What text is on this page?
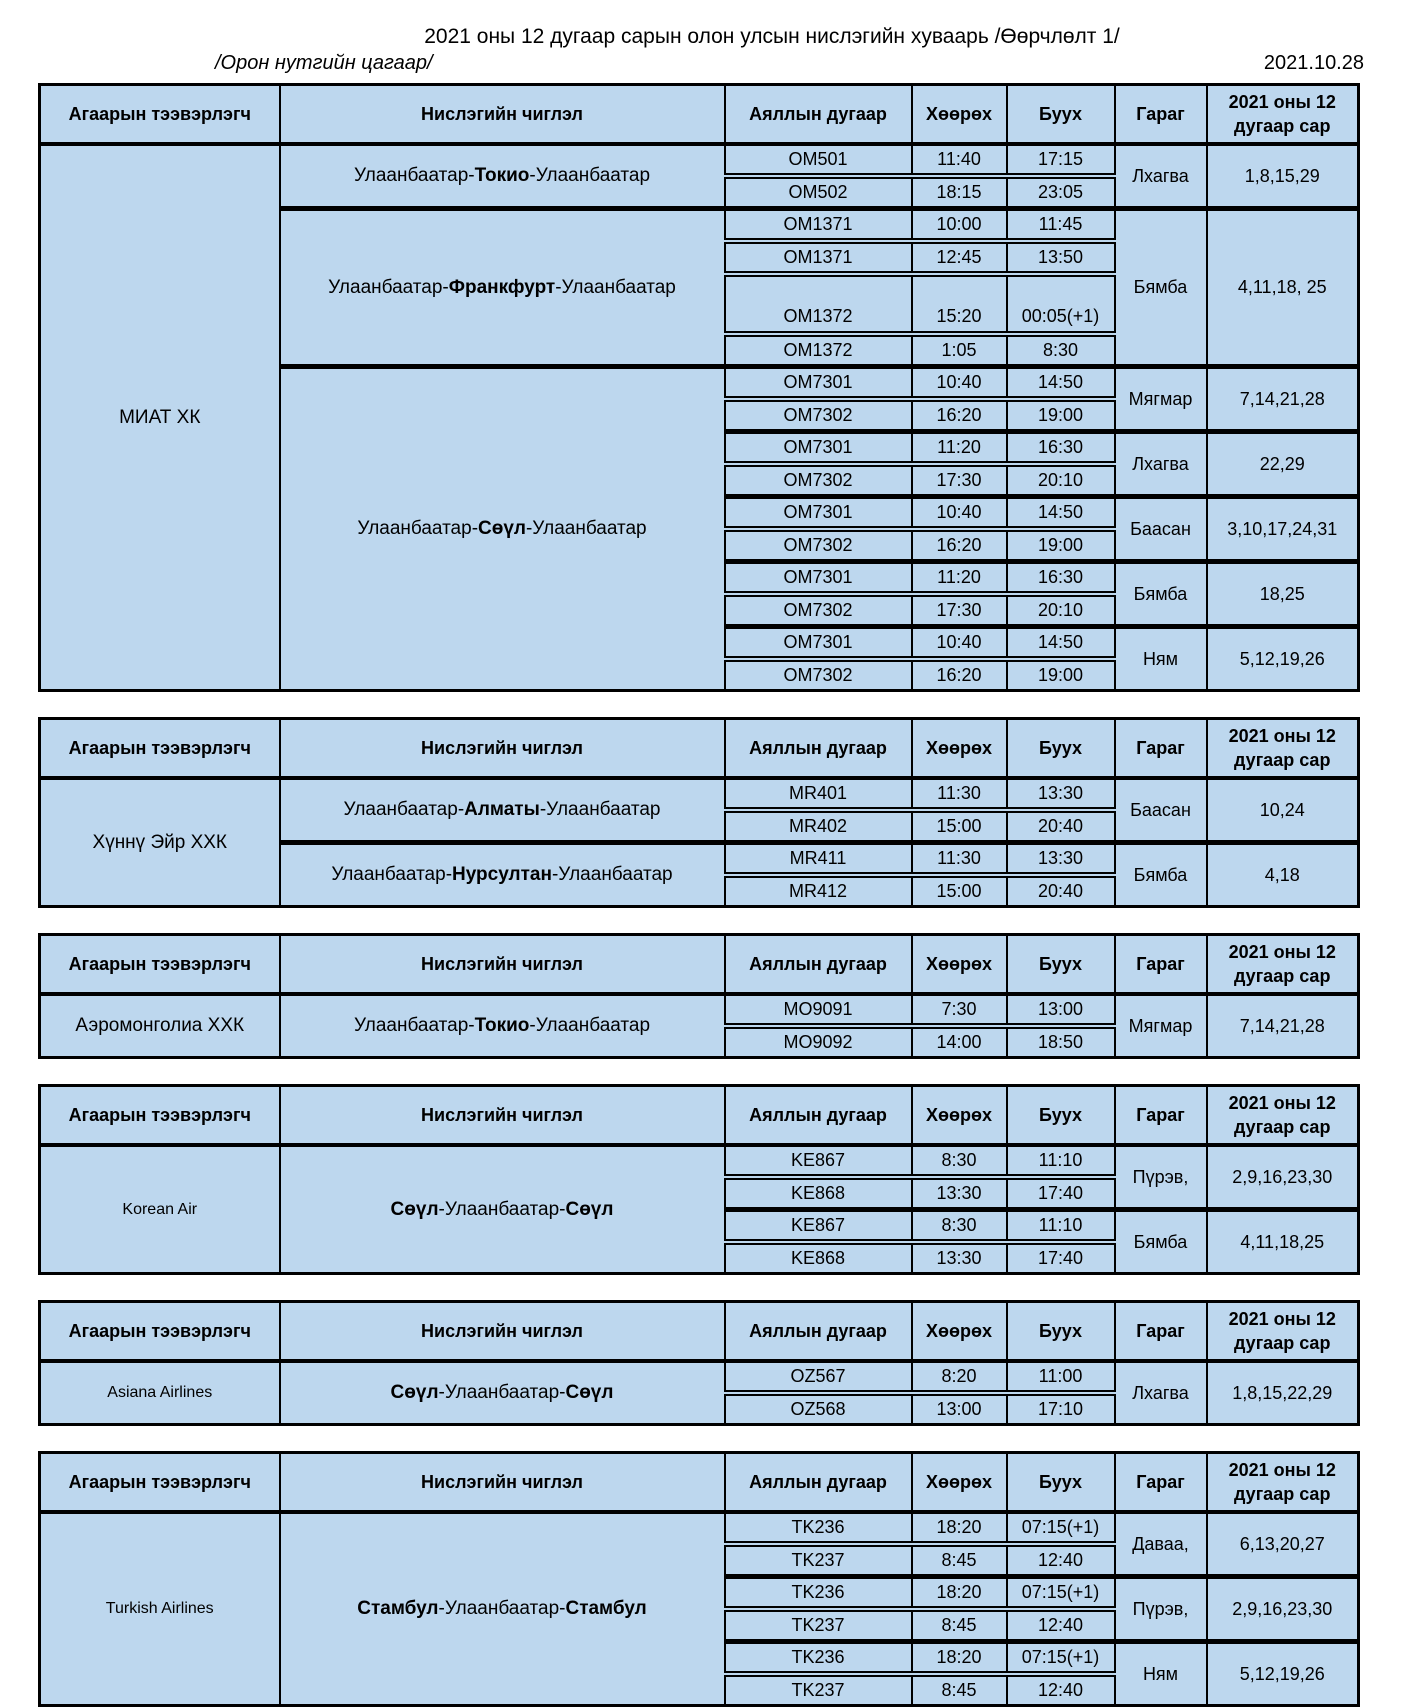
2021 оны 12 дугаар сарын олон улсын нислэгийн хуваарь /Өөрчлөлт 1/
/Орон нутгийн цагаар/	2021.10.28
Агаарын тээвэрлэгч	Нислэгийн чиглэл	Аяллын дугаар	Хөөрөх	Буух	Гараг	2021 оны 12 дугаар сар
МИАТ ХК	Улаанбаатар-Токио-Улаанбаатар	OM501	11:40	17:15	Лхагва	1,8,15,29
		OM502	18:15	23:05		
	Улаанбаатар-Франкфурт-Улаанбаатар	OM1371	10:00	11:45	Бямба	4,11,18, 25
		OM1371	12:45	13:50		
		OM1372	15:20	00:05(+1)		
		OM1372	1:05	8:30		
	Улаанбаатар-Сөүл-Улаанбаатар	OM7301	10:40	14:50	Мягмар	7,14,21,28
		OM7302	16:20	19:00		
		OM7301	11:20	16:30	Лхагва	22,29
		OM7302	17:30	20:10		
		OM7301	10:40	14:50	Баасан	3,10,17,24,31
		OM7302	16:20	19:00		
		OM7301	11:20	16:30	Бямба	18,25
		OM7302	17:30	20:10		
		OM7301	10:40	14:50	Ням	5,12,19,26
		OM7302	16:20	19:00		
Агаарын тээвэрлэгч	Нислэгийн чиглэл	Аяллын дугаар	Хөөрөх	Буух	Гараг	2021 оны 12 дугаар сар
Хүннү Эйр ХХК	Улаанбаатар-Алматы-Улаанбаатар	MR401	11:30	13:30	Баасан	10,24
		MR402	15:00	20:40		
	Улаанбаатар-Нурсултан-Улаанбаатар	MR411	11:30	13:30	Бямба	4,18
		MR412	15:00	20:40		
Агаарын тээвэрлэгч	Нислэгийн чиглэл	Аяллын дугаар	Хөөрөх	Буух	Гараг	2021 оны 12 дугаар сар
Аэромонголиа ХХК	Улаанбаатар-Токио-Улаанбаатар	MO9091	7:30	13:00	Мягмар	7,14,21,28
		MO9092	14:00	18:50		
Агаарын тээвэрлэгч	Нислэгийн чиглэл	Аяллын дугаар	Хөөрөх	Буух	Гараг	2021 оны 12 дугаар сар
Korean Air	Сөүл-Улаанбаатар-Сөүл	KE867	8:30	11:10	Пүрэв,	2,9,16,23,30
		KE868	13:30	17:40		
		KE867	8:30	11:10	Бямба	4,11,18,25
		KE868	13:30	17:40		
Агаарын тээвэрлэгч	Нислэгийн чиглэл	Аяллын дугаар	Хөөрөх	Буух	Гараг	2021 оны 12 дугаар сар
Asiana Airlines	Сөүл-Улаанбаатар-Сөүл	OZ567	8:20	11:00	Лхагва	1,8,15,22,29
		OZ568	13:00	17:10		
Агаарын тээвэрлэгч	Нислэгийн чиглэл	Аяллын дугаар	Хөөрөх	Буух	Гараг	2021 оны 12 дугаар сар
Turkish Airlines	Стамбул-Улаанбаатар-Стамбул	TK236	18:20	07:15(+1)	Даваа,	6,13,20,27
		TK237	8:45	12:40		
		TK236	18:20	07:15(+1)	Пүрэв,	2,9,16,23,30
		TK237	8:45	12:40		
		TK236	18:20	07:15(+1)	Ням	5,12,19,26
		TK237	8:45	12:40		
